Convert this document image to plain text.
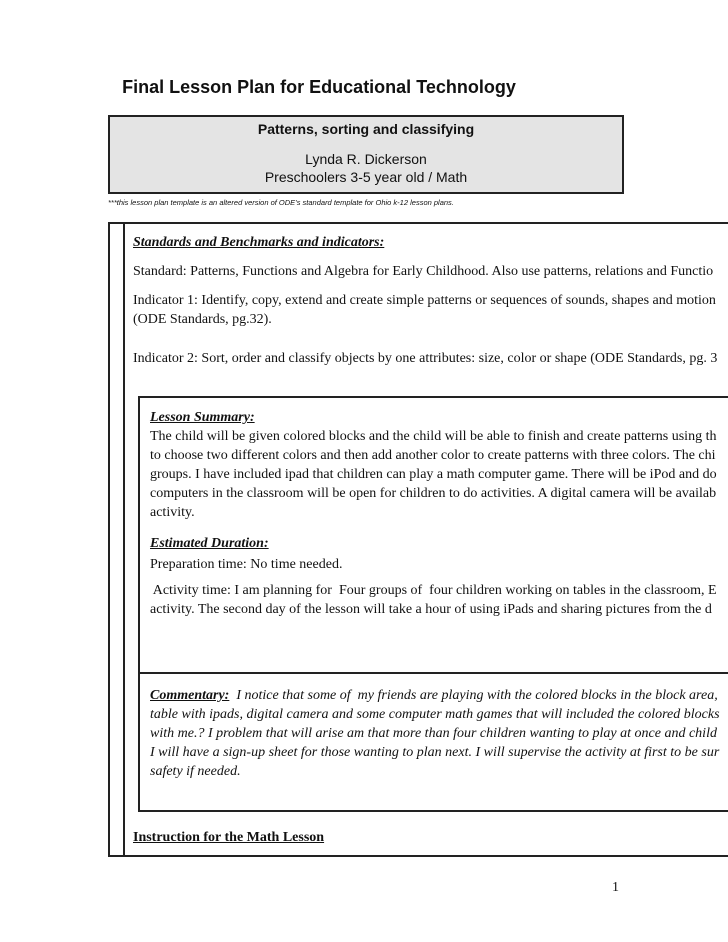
Final Lesson Plan for Educational Technology
Patterns, sorting and classifying
Lynda R. Dickerson
Preschoolers 3-5 year old / Math
***this lesson plan template is an altered version of ODE’s standard template for Ohio k-12 lesson plans.
Standards and Benchmarks and indicators:
Standard: Patterns, Functions and Algebra for Early Childhood. Also use patterns, relations and Functio
Indicator 1: Identify, copy, extend and create simple patterns or sequences of sounds, shapes and motion
(ODE Standards, pg.32).
Indicator 2: Sort, order and classify objects by one attributes: size, color or shape (ODE Standards, pg. 3
Lesson Summary:
The child will be given colored blocks and the child will be able to finish and create patterns using th
to choose two different colors and then add another color to create patterns with three colors. The chi
groups. I have included ipad that children can play a math computer game. There will be iPod and do
computers in the classroom will be open for children to do activities. A digital camera will be availab
activity.
Estimated Duration:
Preparation time: No time needed.
Activity time: I am planning for  Four groups of  four children working on tables in the classroom, E
activity. The second day of the lesson will take a hour of using iPads and sharing pictures from the d
Commentary:  I notice that some of  my friends are playing with the colored blocks in the block area,
table with ipads, digital camera and some computer math games that will included the colored blocks
with me.? I problem that will arise am that more than four children wanting to play at once and child
I will have a sign-up sheet for those wanting to plan next. I will supervise the activity at first to be sur
safety if needed.
Instruction for the Math Lesson
1
